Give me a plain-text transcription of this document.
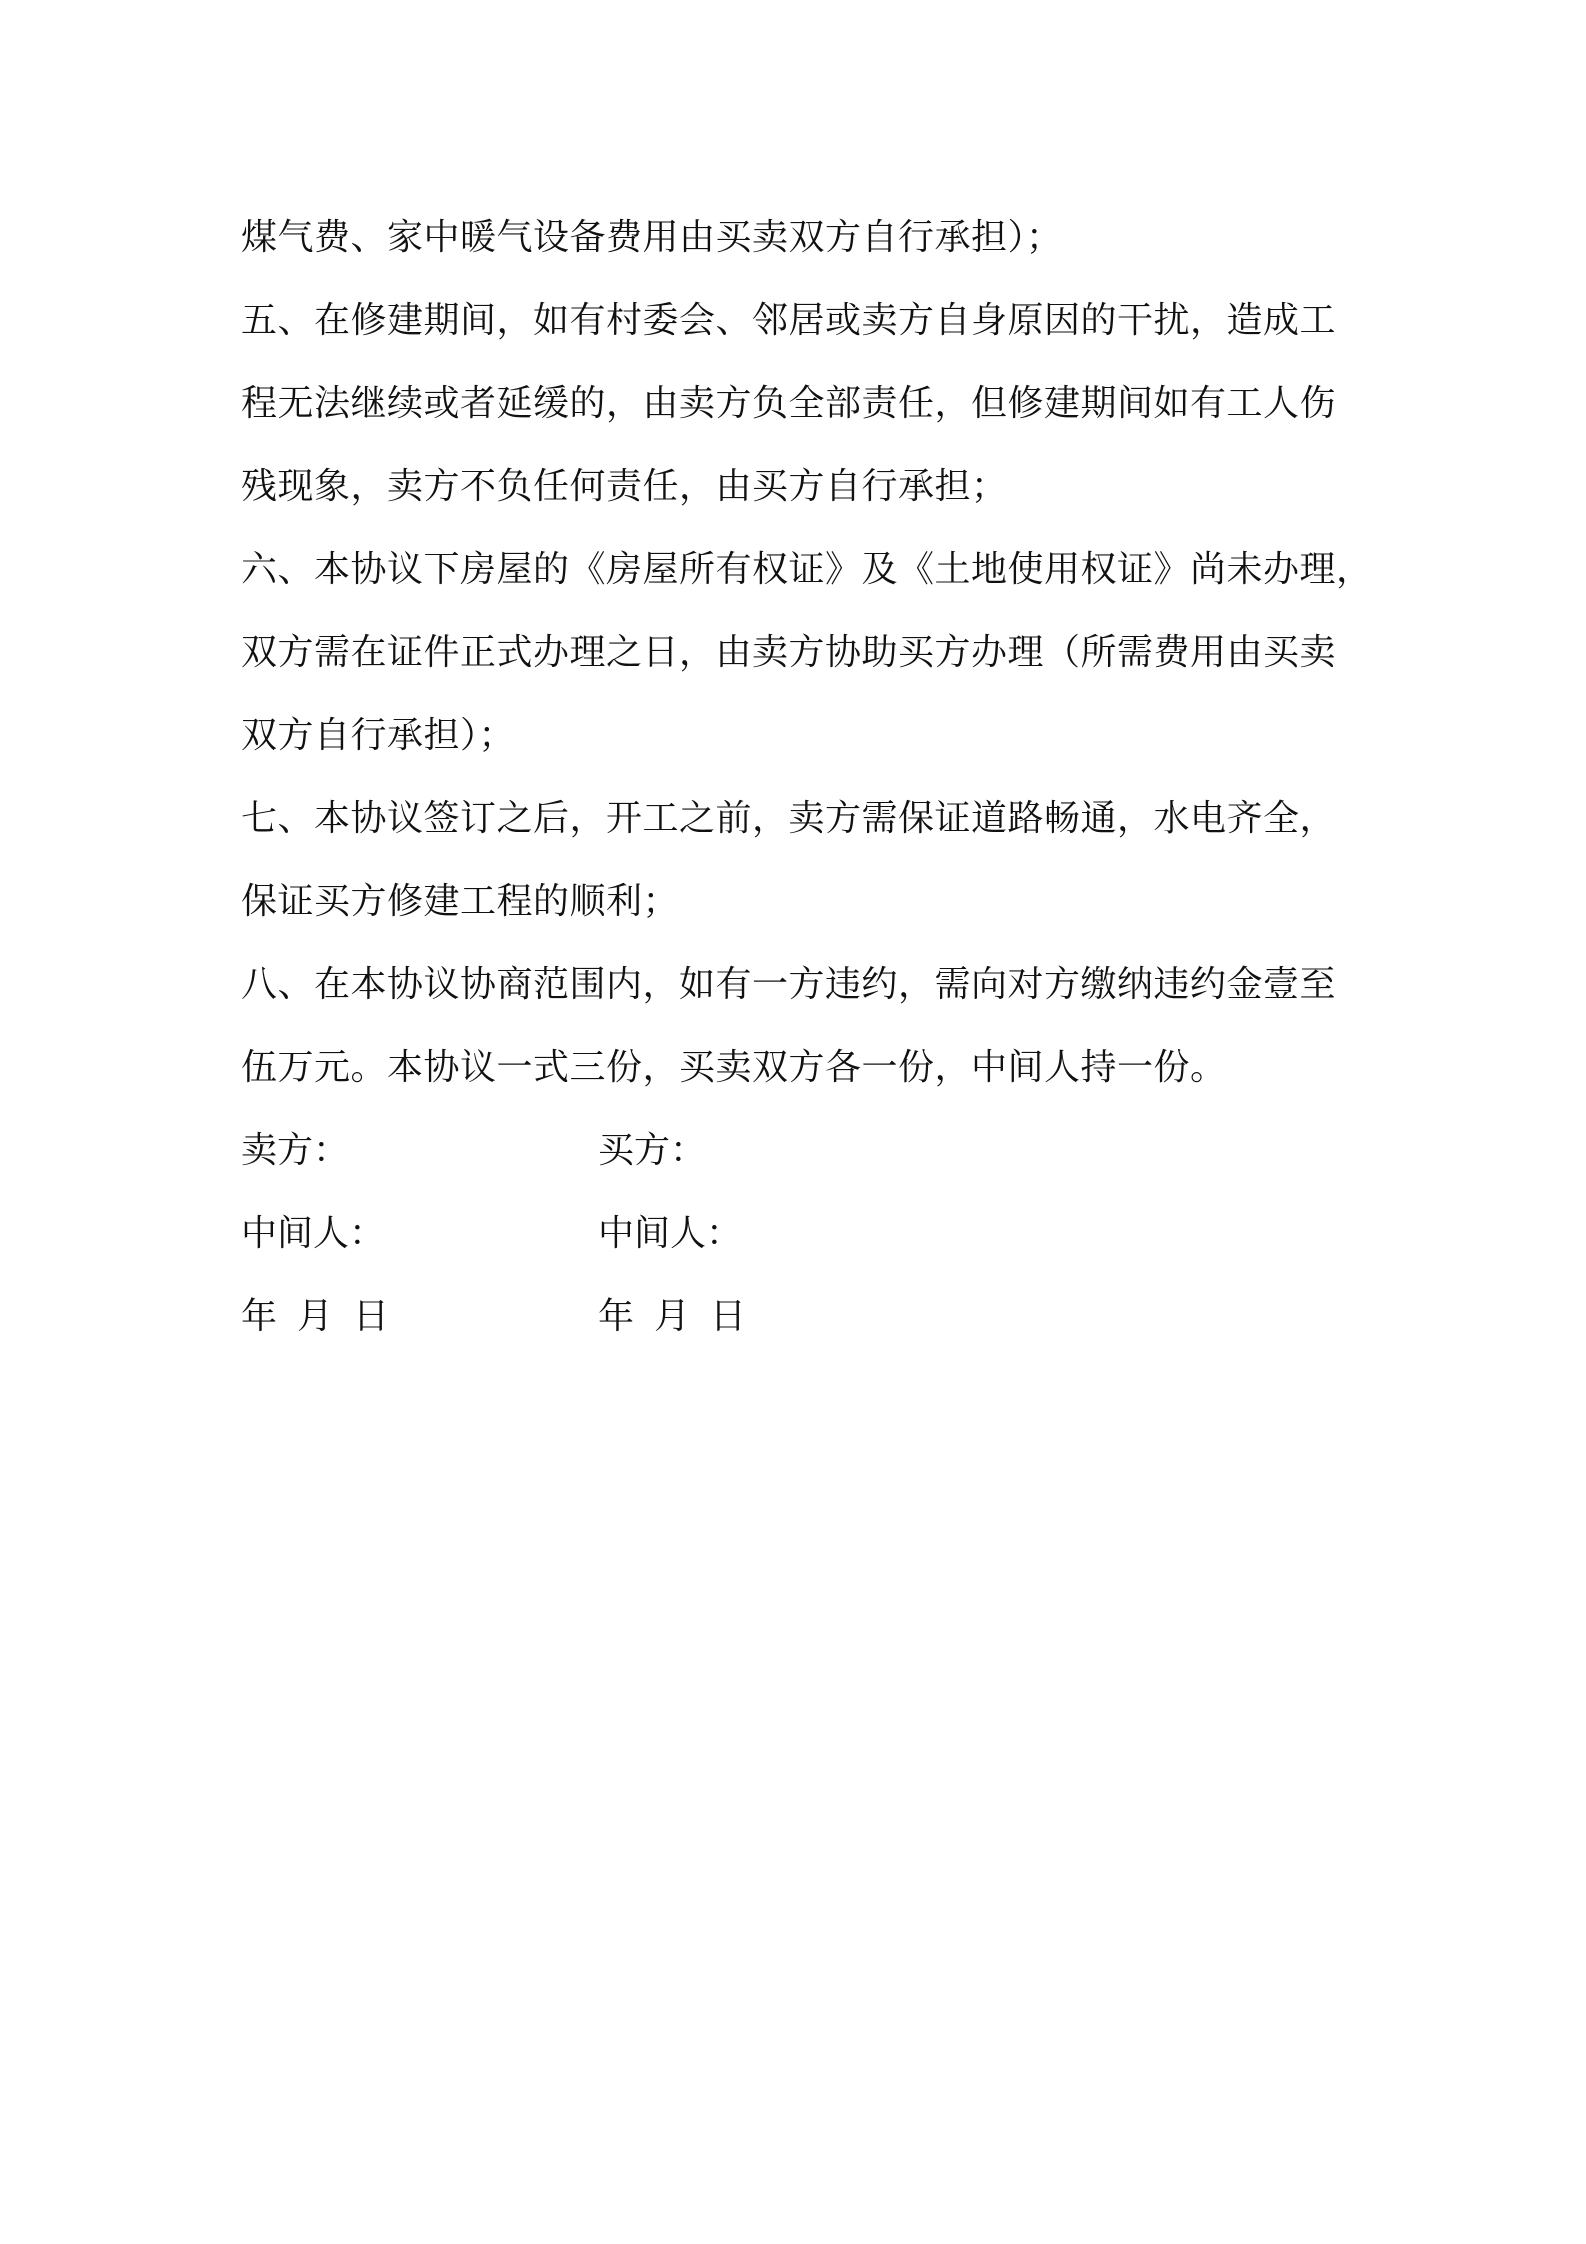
煤气费、家中暖气设备费用由买卖双方自行承担）；
五、在修建期间，如有村委会、邻居或卖方自身原因的干扰，造成工
程无法继续或者延缓的，由卖方负全部责任，但修建期间如有工人伤
残现象，卖方不负任何责任，由买方自行承担；
六、本协议下房屋的《房屋所有权证》及《土地使用权证》尚未办理，
双方需在证件正式办理之日，由卖方协助买方办理（所需费用由买卖
双方自行承担）；
七、本协议签订之后，开工之前，卖方需保证道路畅通，水电齐全，
保证买方修建工程的顺利；
八、在本协议协商范围内，如有一方违约，需向对方缴纳违约金壹至
伍万元。本协议一式三份，买卖双方各一份，中间人持一份。
卖方：	买方：
中间人：	中间人：
年 月 日	年 月 日
